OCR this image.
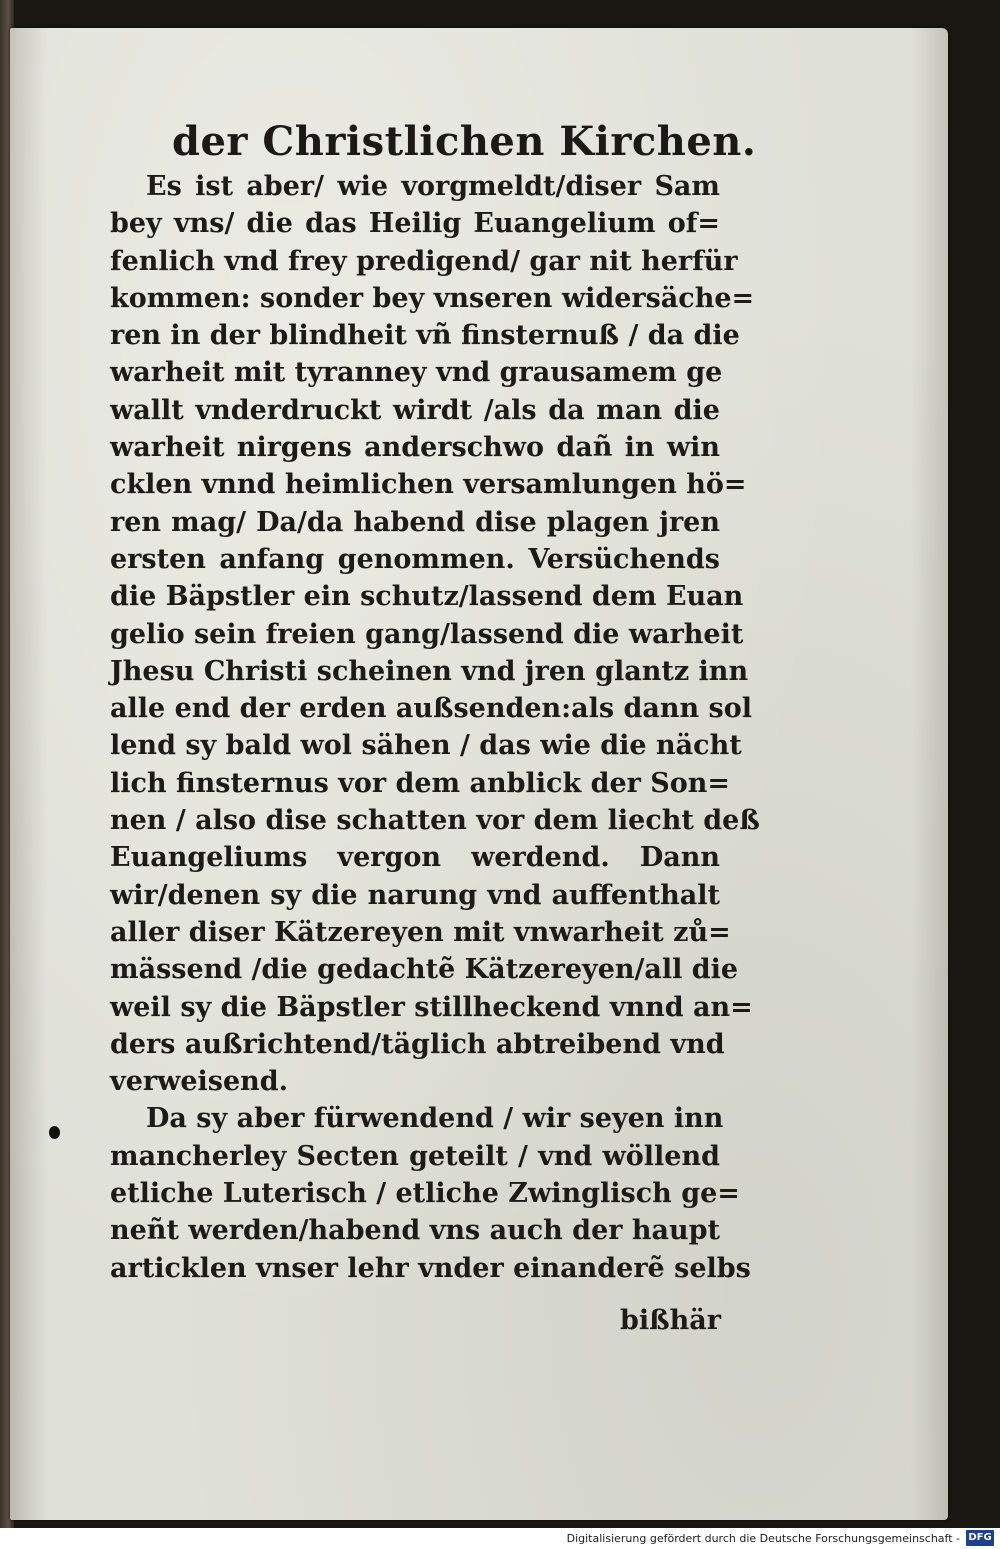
der Christlichen Kirchen.
Es ist aber/ wie vorgmeldt/diser Sam
bey vns/ die das Heilig Euangelium of=
fenlich vnd frey predigend/ gar nit herfür
kommen: sonder bey vnseren widersäche=
ren in der blindheit vñ finsternuß / da die
warheit mit tyranney vnd grausamem ge
wallt vnderdruckt wirdt /als da man die
warheit nirgens anderschwo dañ in win
cklen vnnd heimlichen versamlungen hö=
ren mag/ Da/da habend dise plagen jren
ersten anfang genommen. Versüchends
die Bäpstler ein schutz/lassend dem Euan
gelio sein freien gang/lassend die warheit
Jhesu Christi scheinen vnd jren glantz inn
alle end der erden außsenden:als dann sol
lend sy bald wol sähen / das wie die nächt
lich finsternus vor dem anblick der Son=
nen / also dise schatten vor dem liecht deß
Euangeliums vergon werdend. Dann
wir/denen sy die narung vnd auffenthalt
aller diser Kätzereyen mit vnwarheit zů=
mässend /die gedachtẽ Kätzereyen/all die
weil sy die Bäpstler stillheckend vnnd an=
ders außrichtend/täglich abtreibend vnd
verweisend.
Da sy aber fürwendend / wir seyen inn
mancherley Secten geteilt / vnd wöllend
etliche Luterisch / etliche Zwinglisch ge=
neñt werden/habend vns auch der haupt
articklen vnser lehr vnder einanderẽ selbs

bißhär

Digitalisierung gefördert durch die Deutsche Forschungsgemeinschaft - DFG
